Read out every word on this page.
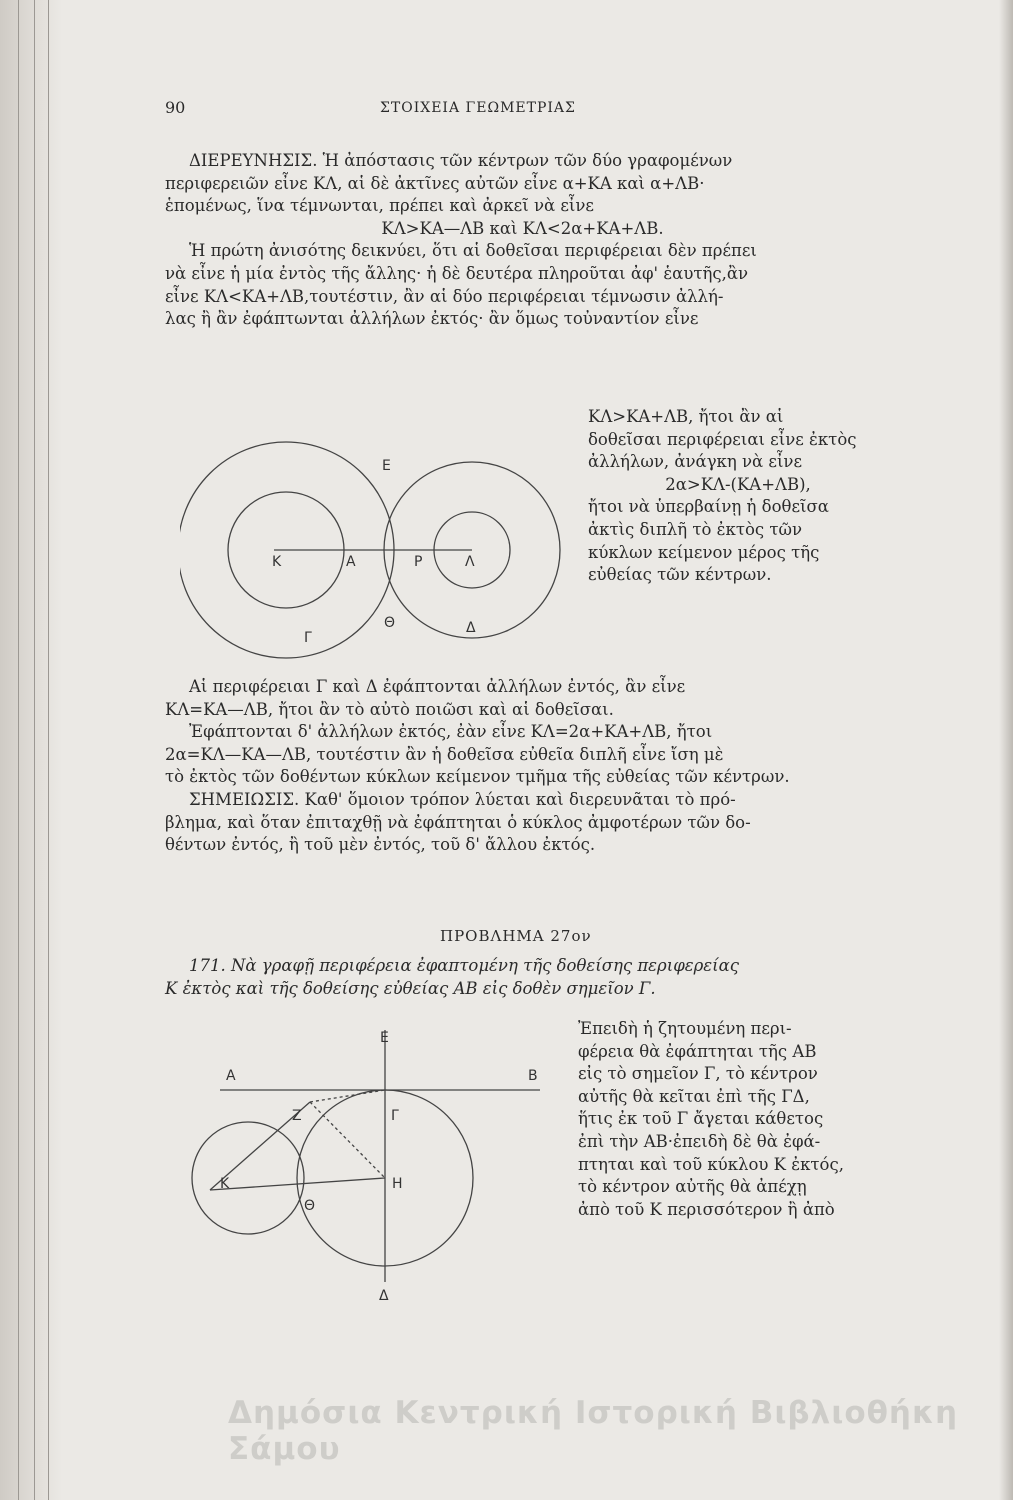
90	ΣΤΟΙΧΕΙΑ ΓΕΩΜΕΤΡΙΑΣ

ΔΙΕΡΕΥΝΗΣΙΣ. Ἡ ἀπόστασις τῶν κέντρων τῶν δύο γραφομένων

περιφερειῶν εἶνε ΚΛ, αἱ δὲ ἀκτῖνες αὐτῶν εἶνε α+ΚΑ καὶ α+ΛΒ·

ἑπομένως, ἵνα τέμνωνται, πρέπει καὶ ἀρκεῖ νὰ εἶνε

ΚΛ>ΚΑ—ΛΒ καὶ ΚΛ<2α+ΚΑ+ΛΒ.

Ἡ πρώτη ἀνισότης δεικνύει, ὅτι αἱ δοθεῖσαι περιφέρειαι δὲν πρέπει

νὰ εἶνε ἡ μία ἐντὸς τῆς ἄλλης· ἡ δὲ δευτέρα πληροῦται ἀφ' ἑαυτῆς,ἂν

εἶνε ΚΛ<ΚΑ+ΛΒ,τουτέστιν, ἂν αἱ δύο περιφέρειαι τέμνωσιν ἀλλή-

λας ἢ ἂν ἐφάπτωνται ἀλλήλων ἐκτός· ἂν ὅμως τοὐναντίον εἶνε

ΚΛ>ΚΑ+ΛΒ, ἤτοι ἂν αἱ

δοθεῖσαι περιφέρειαι εἶνε ἐκτὸς

ἀλλήλων, ἀνάγκη νὰ εἶνε

2α>ΚΛ-(ΚΑ+ΛΒ),

ἤτοι νὰ ὑπερβαίνῃ ἡ δοθεῖσα

ἀκτὶς διπλῆ τὸ ἐκτὸς τῶν

κύκλων κείμενον μέρος τῆς

εὐθείας τῶν κέντρων.

Ε
Κ	Α	Ρ	Λ
Θ	Δ
Γ

Αἱ περιφέρειαι Γ καὶ Δ ἐφάπτονται ἀλλήλων ἐντός, ἂν εἶνε

ΚΛ=ΚΑ—ΛΒ, ἤτοι ἂν τὸ αὐτὸ ποιῶσι καὶ αἱ δοθεῖσαι.

Ἐφάπτονται δ' ἀλλήλων ἐκτός, ἐὰν εἶνε ΚΛ=2α+ΚΑ+ΛΒ, ἤτοι

2α=ΚΛ—ΚΑ—ΛΒ, τουτέστιν ἂν ἡ δοθεῖσα εὐθεῖα διπλῆ εἶνε ἴση μὲ

τὸ ἐκτὸς τῶν δοθέντων κύκλων κείμενον τμῆμα τῆς εὐθείας τῶν κέντρων.

ΣΗΜΕΙΩΣΙΣ. Καθ' ὅμοιον τρόπον λύεται καὶ διερευνᾶται τὸ πρό-

βλημα, καὶ ὅταν ἐπιταχθῇ νὰ ἐφάπτηται ὁ κύκλος ἀμφοτέρων τῶν δο-

θέντων ἐντός, ἢ τοῦ μὲν ἐντός, τοῦ δ' ἄλλου ἐκτός.

ΠΡΟΒΛΗΜΑ 27ον

171. Νὰ γραφῇ περιφέρεια ἐφαπτομένη τῆς δοθείσης περιφερείας

Κ ἐκτὸς καὶ τῆς δοθείσης εὐθείας ΑΒ εἰς δοθὲν σημεῖον Γ.

Ἐπειδὴ ἡ ζητουμένη περι-

φέρεια θὰ ἐφάπτηται τῆς ΑΒ

εἰς τὸ σημεῖον Γ, τὸ κέντρον

αὐτῆς θὰ κεῖται ἐπὶ τῆς ΓΔ,

ἥτις ἐκ τοῦ Γ ἄγεται κάθετος

ἐπὶ τὴν ΑΒ·ἐπειδὴ δὲ θὰ ἐφά-

πτηται καὶ τοῦ κύκλου Κ ἐκτός,

τὸ κέντρον αὐτῆς θὰ ἀπέχῃ

ἀπὸ τοῦ Κ περισσότερον ἢ ἀπὸ

Ε
Α	Β
Ζ	Γ
Κ	Η
Θ
Δ
Δημόσια Κεντρική Ιστορική Βιβλιοθήκη Σάμου
